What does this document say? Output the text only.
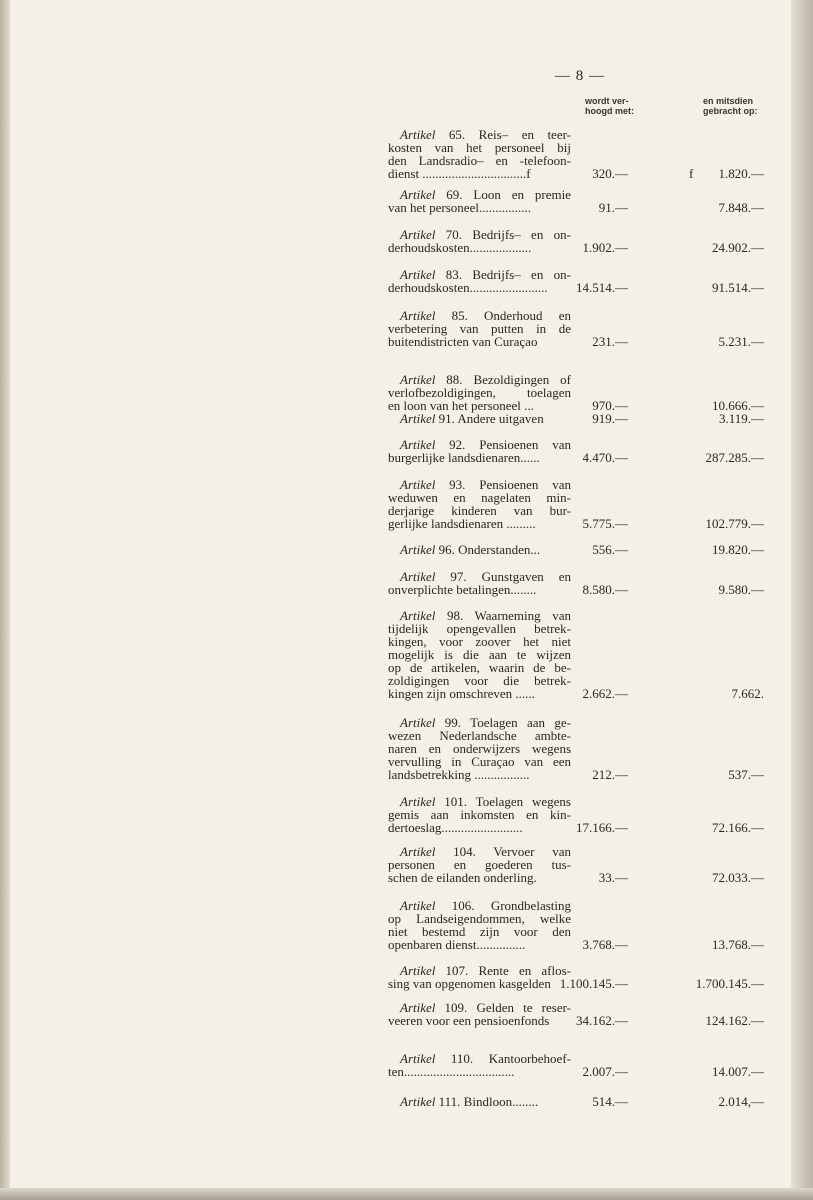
— 8 —
wordt ver-
hoogd met:
en mitsdien
gebracht op:
Artikel 65. Reis– en teer-
kosten van het personeel bij
den Landsradio– en -telefoon-
dienst ................................f	320.—	f 1.820.—
Artikel 69. Loon en premie
van het personeel................	91.—	7.848.—
Artikel 70. Bedrijfs– en on-
derhoudskosten...................	1.902.—	24.902.—
Artikel 83. Bedrijfs– en on-
derhoudskosten........................	14.514.—	91.514.—
Artikel 85. Onderhoud en
verbetering van putten in de
buitendistricten van Curaçao	231.—	5.231.—
Artikel 88. Bezoldigingen of
verlofbezoldigingen, toelagen
en loon van het personeel ...	970.—	10.666.—
Artikel 91. Andere uitgaven	919.—	3.119.—
Artikel 92. Pensioenen van
burgerlijke landsdienaren......	4.470.—	287.285.—
Artikel 93. Pensioenen van
weduwen en nagelaten min-
derjarige kinderen van bur-
gerlijke landsdienaren .........	5.775.—	102.779.—
Artikel 96. Onderstanden...	556.—	19.820.—
Artikel 97. Gunstgaven en
onverplichte betalingen........	8.580.—	9.580.—
Artikel 98. Waarneming van
tijdelijk opengevallen betrek-
kingen, voor zoover het niet
mogelijk is die aan te wijzen
op de artikelen, waarin de be-
zoldigingen voor die betrek-
kingen zijn omschreven ......	2.662.—	7.662.
Artikel 99. Toelagen aan ge-
wezen Nederlandsche ambte-
naren en onderwijzers wegens
vervulling in Curaçao van een
landsbetrekking .................	212.—	537.—
Artikel 101. Toelagen wegens
gemis aan inkomsten en kin-
dertoeslag.........................	17.166.—	72.166.—
Artikel 104. Vervoer van
personen en goederen tus-
schen de eilanden onderling.	33.—	72.033.—
Artikel 106. Grondbelasting
op Landseigendommen, welke
niet bestemd zijn voor den
openbaren dienst...............	3.768.—	13.768.—
Artikel 107. Rente en aflos-
sing van opgenomen kasgelden 1.100.145.—	1.700.145.—
Artikel 109. Gelden te reser-
veeren voor een pensioenfonds	34.162.—	124.162.—
Artikel 110. Kantoorbehoef-
ten..................................	2.007.—	14.007.—
Artikel 111. Bindloon........	514.—	2.014,—
